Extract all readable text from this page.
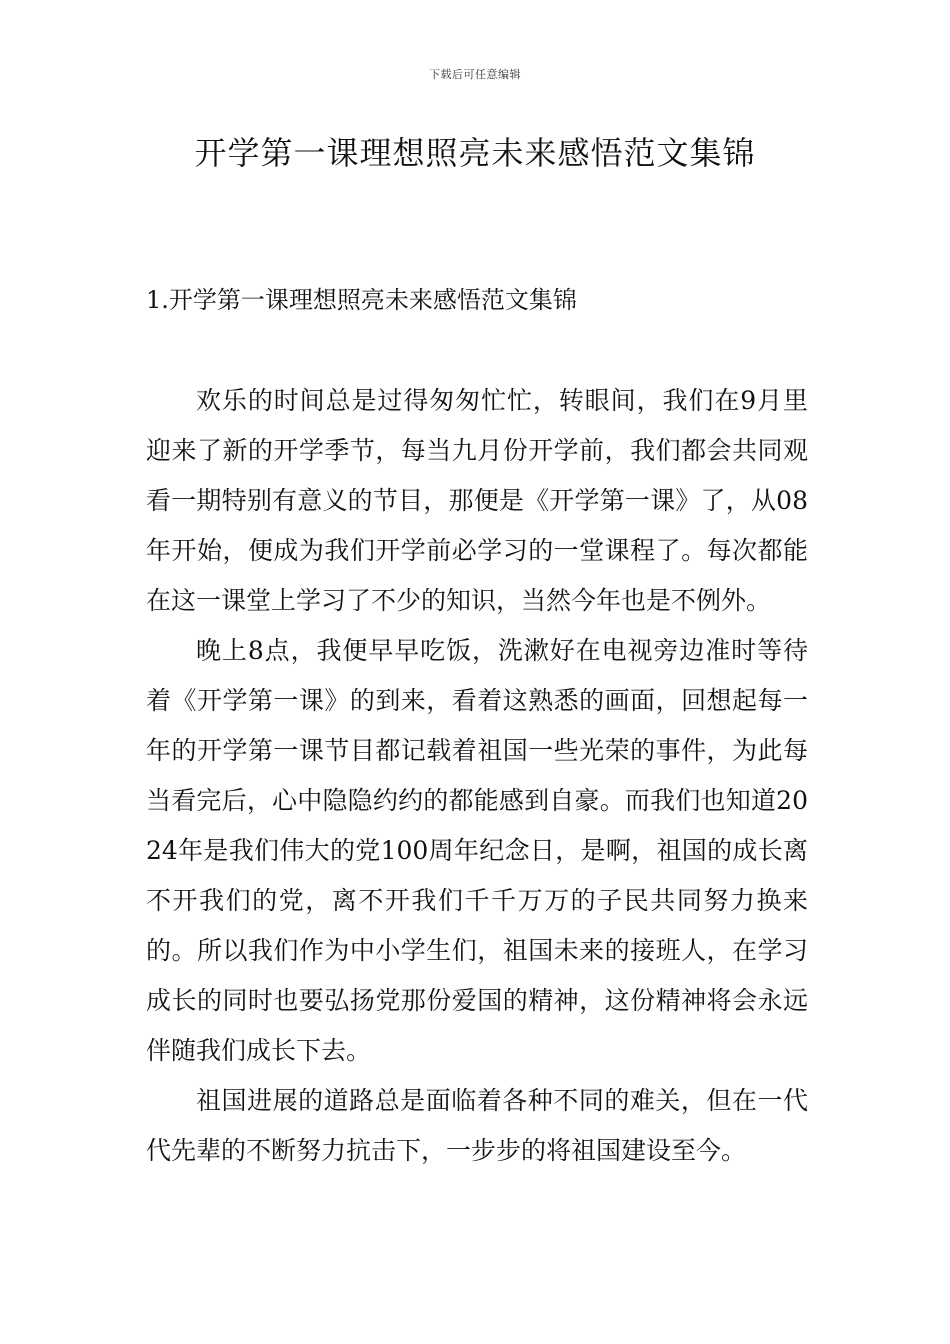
下载后可任意编辑
开学第一课理想照亮未来感悟范文集锦
1.开学第一课理想照亮未来感悟范文集锦

欢乐的时间总是过得匆匆忙忙，转眼间，我们在9月里迎来了新的开学季节，每当九月份开学前，我们都会共同观看一期特别有意义的节目，那便是《开学第一课》了，从08年开始，便成为我们开学前必学习的一堂课程了。每次都能在这一课堂上学习了不少的知识，当然今年也是不例外。

晚上8点，我便早早吃饭，洗漱好在电视旁边准时等待着《开学第一课》的到来，看着这熟悉的画面，回想起每一年的开学第一课节目都记载着祖国一些光荣的事件，为此每当看完后，心中隐隐约约的都能感到自豪。而我们也知道2024年是我们伟大的党100周年纪念日，是啊，祖国的成长离不开我们的党，离不开我们千千万万的子民共同努力换来的。所以我们作为中小学生们，祖国未来的接班人，在学习成长的同时也要弘扬党那份爱国的精神，这份精神将会永远伴随我们成长下去。

祖国进展的道路总是面临着各种不同的难关，但在一代代先辈的不断努力抗击下，一步步的将祖国建设至今。
